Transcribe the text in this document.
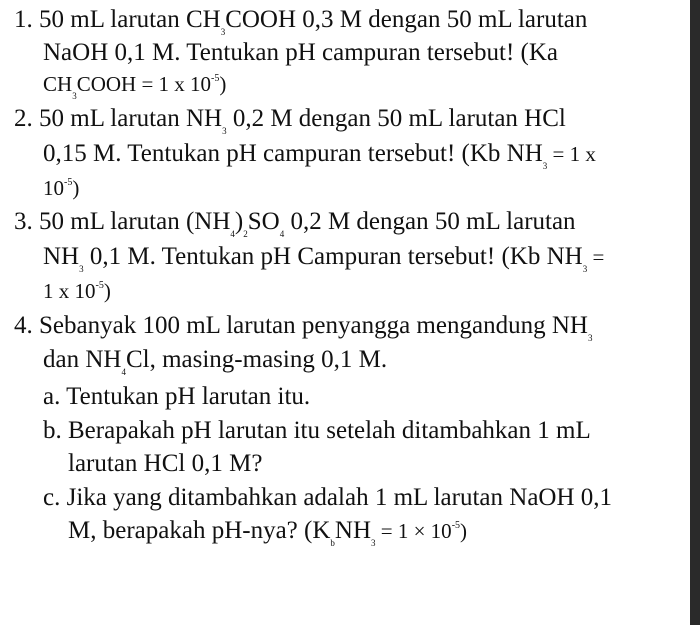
1. 50 mL larutan $CH_3COOH$ 0,3 M dengan 50 mL larutan
NaOH 0,1 M. Tentukan pH campuran tersebut! (Ka
$CH_3COOH = 1$ x $10^{-5}$)
2. 50 mL larutan $NH_3$ 0,2 M dengan 50 mL larutan HCl
0,15 M. Tentukan pH campuran tersebut! (Kb $NH_3 = 1$ x
$10^{-5}$)
3. 50 mL larutan $(NH_4)_2SO_4$ 0,2 M dengan 50 mL larutan
$NH_3$ 0,1 M. Tentukan pH Campuran tersebut! (Kb $NH_3$ =
1 x $10^{-5}$)
4. Sebanyak 100 mL larutan penyangga mengandung $NH_3$
dan $NH_4Cl$, masing-masing 0,1 M.
a. Tentukan pH larutan itu.
b. Berapakah pH larutan itu setelah ditambahkan 1 mL
larutan HCl 0,1 M?
c. Jika yang ditambahkan adalah 1 mL larutan NaOH 0,1
M, berapakah pH-nya? $(K_bNH_3 = 1 \times 10^{-5})$
